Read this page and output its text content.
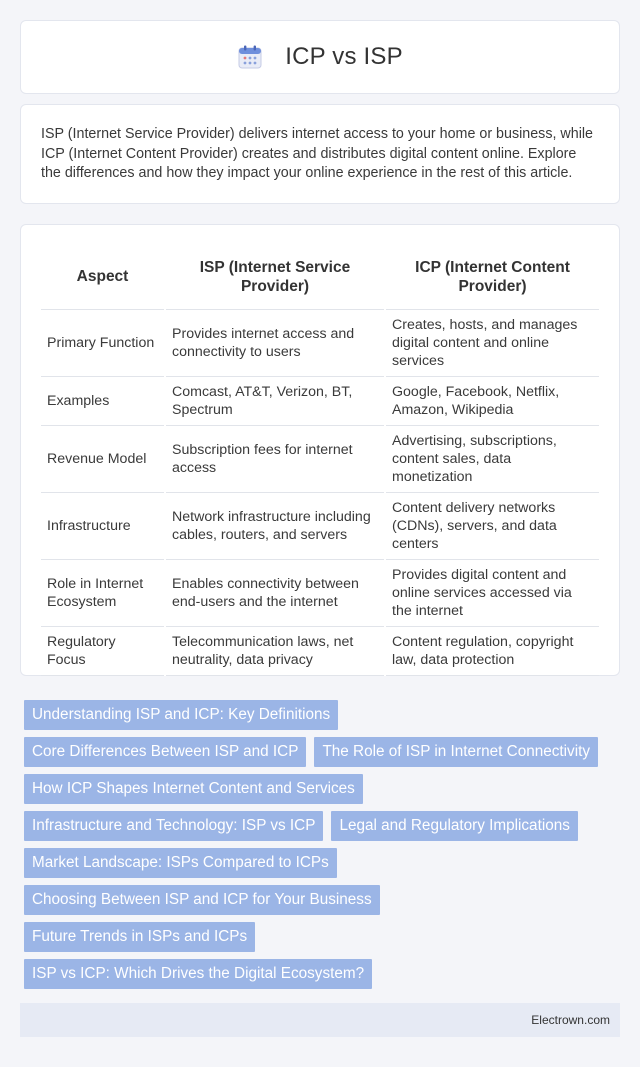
ICP vs ISP

ISP (Internet Service Provider) delivers internet access to your home or business, while ICP (Internet Content Provider) creates and distributes digital content online. Explore the differences and how they impact your online experience in the rest of this article.

Aspect	ISP (Internet Service Provider)	ICP (Internet Content Provider)
Primary Function	Provides internet access and connectivity to users	Creates, hosts, and manages digital content and online services
Examples	Comcast, AT&T, Verizon, BT, Spectrum	Google, Facebook, Netflix, Amazon, Wikipedia
Revenue Model	Subscription fees for internet access	Advertising, subscriptions, content sales, data monetization
Infrastructure	Network infrastructure including cables, routers, and servers	Content delivery networks (CDNs), servers, and data centers
Role in Internet Ecosystem	Enables connectivity between end-users and the internet	Provides digital content and online services accessed via the internet
Regulatory Focus	Telecommunication laws, net neutrality, data privacy	Content regulation, copyright law, data protection
Understanding ISP and ICP: Key Definitions
Core Differences Between ISP and ICP	The Role of ISP in Internet Connectivity
How ICP Shapes Internet Content and Services
Infrastructure and Technology: ISP vs ICP	Legal and Regulatory Implications
Market Landscape: ISPs Compared to ICPs
Choosing Between ISP and ICP for Your Business
Future Trends in ISPs and ICPs
ISP vs ICP: Which Drives the Digital Ecosystem?
Electrown.com
